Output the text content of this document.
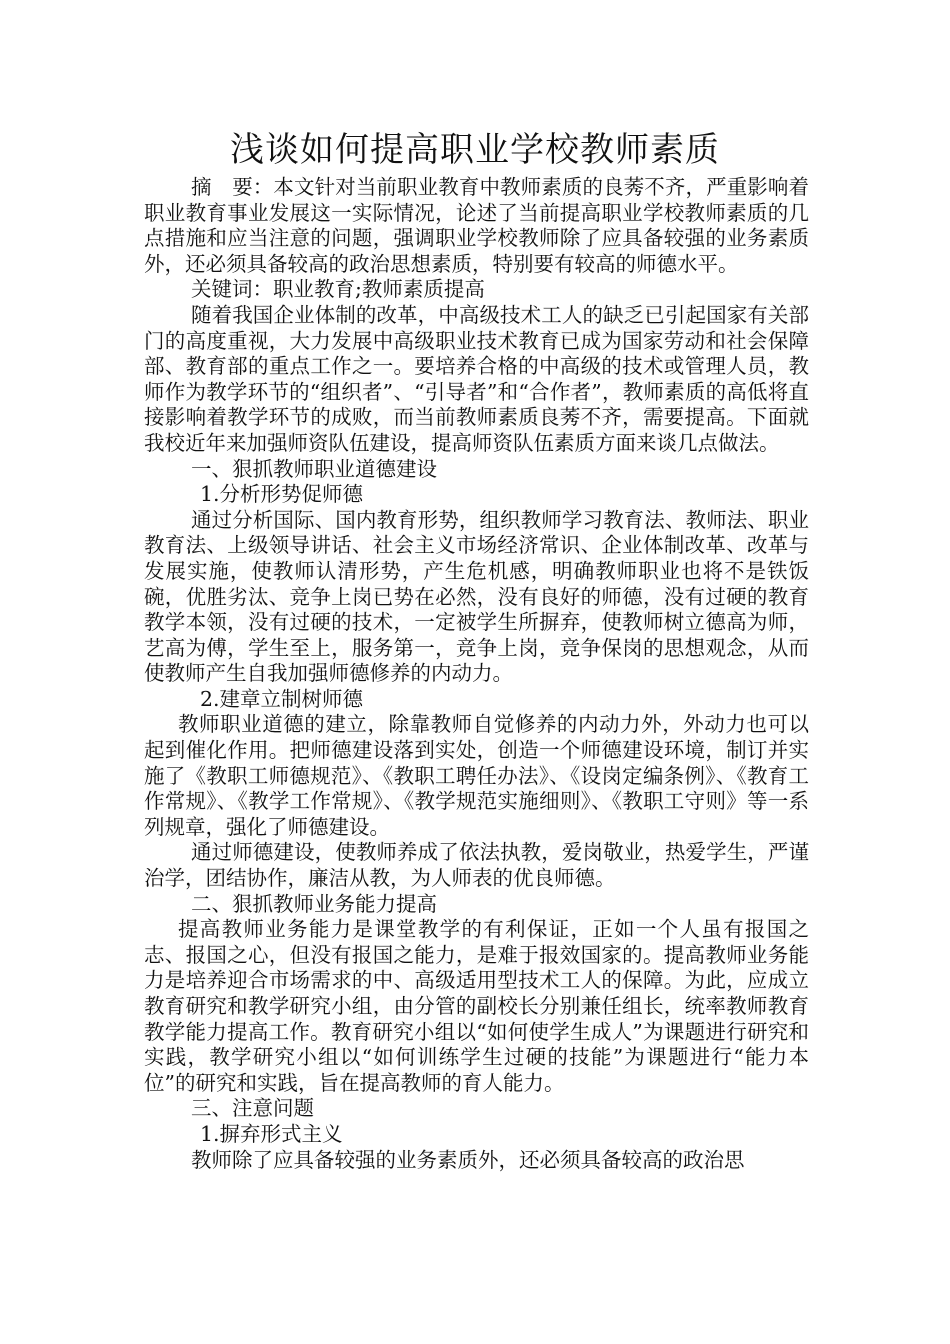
浅谈如何提高职业学校教师素质

摘　要：本文针对当前职业教育中教师素质的良莠不齐，严重影响着职业教育事业发展这一实际情况，论述了当前提高职业学校教师素质的几点措施和应当注意的问题，强调职业学校教师除了应具备较强的业务素质外，还必须具备较高的政治思想素质，特别要有较高的师德水平。

关键词：职业教育;教师素质提高

随着我国企业体制的改革，中高级技术工人的缺乏已引起国家有关部门的高度重视，大力发展中高级职业技术教育已成为国家劳动和社会保障部、教育部的重点工作之一。要培养合格的中高级的技术或管理人员，教师作为教学环节的“组织者”、“引导者”和“合作者”，教师素质的高低将直接影响着教学环节的成败，而当前教师素质良莠不齐，需要提高。下面就我校近年来加强师资队伍建设，提高师资队伍素质方面来谈几点做法。

一、狠抓教师职业道德建设

1.分析形势促师德

通过分析国际、国内教育形势，组织教师学习教育法、教师法、职业教育法、上级领导讲话、社会主义市场经济常识、企业体制改革、改革与发展实施，使教师认清形势，产生危机感，明确教师职业也将不是铁饭碗，优胜劣汰、竞争上岗已势在必然，没有良好的师德，没有过硬的教育教学本领，没有过硬的技术，一定被学生所摒弃，使教师树立德高为师，艺高为傅，学生至上，服务第一，竞争上岗，竞争保岗的思想观念，从而使教师产生自我加强师德修养的内动力。

2.建章立制树师德

教师职业道德的建立，除靠教师自觉修养的内动力外，外动力也可以起到催化作用。把师德建设落到实处，创造一个师德建设环境，制订并实施了《教职工师德规范》、《教职工聘任办法》、《设岗定编条例》、《教育工作常规》、《教学工作常规》、《教学规范实施细则》、《教职工守则》等一系列规章，强化了师德建设。

通过师德建设，使教师养成了依法执教，爱岗敬业，热爱学生，严谨治学，团结协作，廉洁从教，为人师表的优良师德。

二、狠抓教师业务能力提高

提高教师业务能力是课堂教学的有利保证，正如一个人虽有报国之志、报国之心，但没有报国之能力，是难于报效国家的。提高教师业务能力是培养迎合市场需求的中、高级适用型技术工人的保障。为此，应成立教育研究和教学研究小组，由分管的副校长分别兼任组长，统率教师教育教学能力提高工作。教育研究小组以“如何使学生成人”为课题进行研究和实践，教学研究小组以“如何训练学生过硬的技能”为课题进行“能力本位”的研究和实践，旨在提高教师的育人能力。

三、注意问题

1.摒弃形式主义

教师除了应具备较强的业务素质外，还必须具备较高的政治思
